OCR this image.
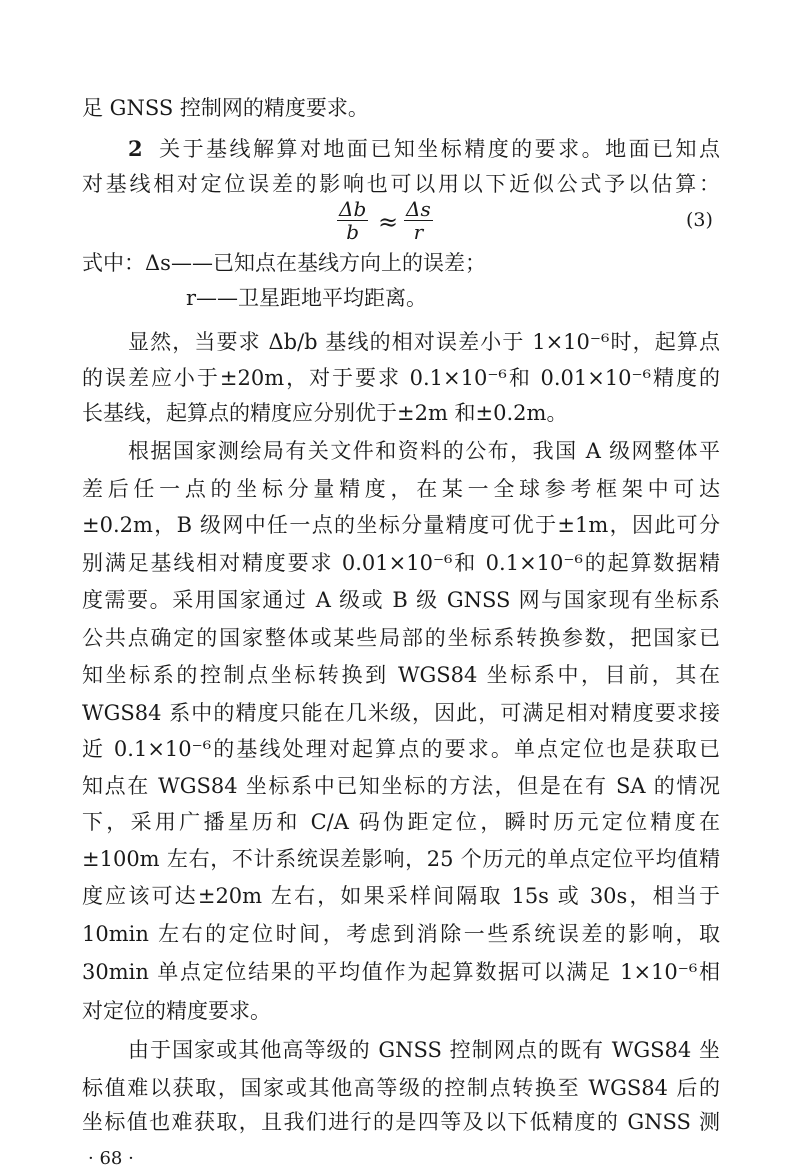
足 GNSS 控制网的精度要求。
2 关于基线解算对地面已知坐标精度的要求。地面已知点
对基线相对定位误差的影响也可以用以下近似公式予以估算：
式中：Δs——已知点在基线方向上的误差；
r——卫星距地平均距离。
显然，当要求 Δb/b 基线的相对误差小于 1×10⁻⁶时，起算点
的误差应小于±20m，对于要求 0.1×10⁻⁶和 0.01×10⁻⁶精度的
长基线，起算点的精度应分别优于±2m 和±0.2m。
根据国家测绘局有关文件和资料的公布，我国 A 级网整体平
差后任一点的坐标分量精度，在某一全球参考框架中可达
±0.2m，B 级网中任一点的坐标分量精度可优于±1m，因此可分
别满足基线相对精度要求 0.01×10⁻⁶和 0.1×10⁻⁶的起算数据精
度需要。采用国家通过 A 级或 B 级 GNSS 网与国家现有坐标系
公共点确定的国家整体或某些局部的坐标系转换参数，把国家已
知坐标系的控制点坐标转换到 WGS84 坐标系中，目前，其在
WGS84 系中的精度只能在几米级，因此，可满足相对精度要求接
近 0.1×10⁻⁶的基线处理对起算点的要求。单点定位也是获取已
知点在 WGS84 坐标系中已知坐标的方法，但是在有 SA 的情况
下，采用广播星历和 C/A 码伪距定位，瞬时历元定位精度在
±100m 左右，不计系统误差影响，25 个历元的单点定位平均值精
度应该可达±20m 左右，如果采样间隔取 15s 或 30s，相当于
10min 左右的定位时间，考虑到消除一些系统误差的影响，取
30min 单点定位结果的平均值作为起算数据可以满足 1×10⁻⁶相
对定位的精度要求。
由于国家或其他高等级的 GNSS 控制网点的既有 WGS84 坐
标值难以获取，国家或其他高等级的控制点转换至 WGS84 后的
坐标值也难获取，且我们进行的是四等及以下低精度的 GNSS 测
$\frac{\Delta b}{b} \approx \frac{\Delta s}{r}$	(3)
· 68 ·
